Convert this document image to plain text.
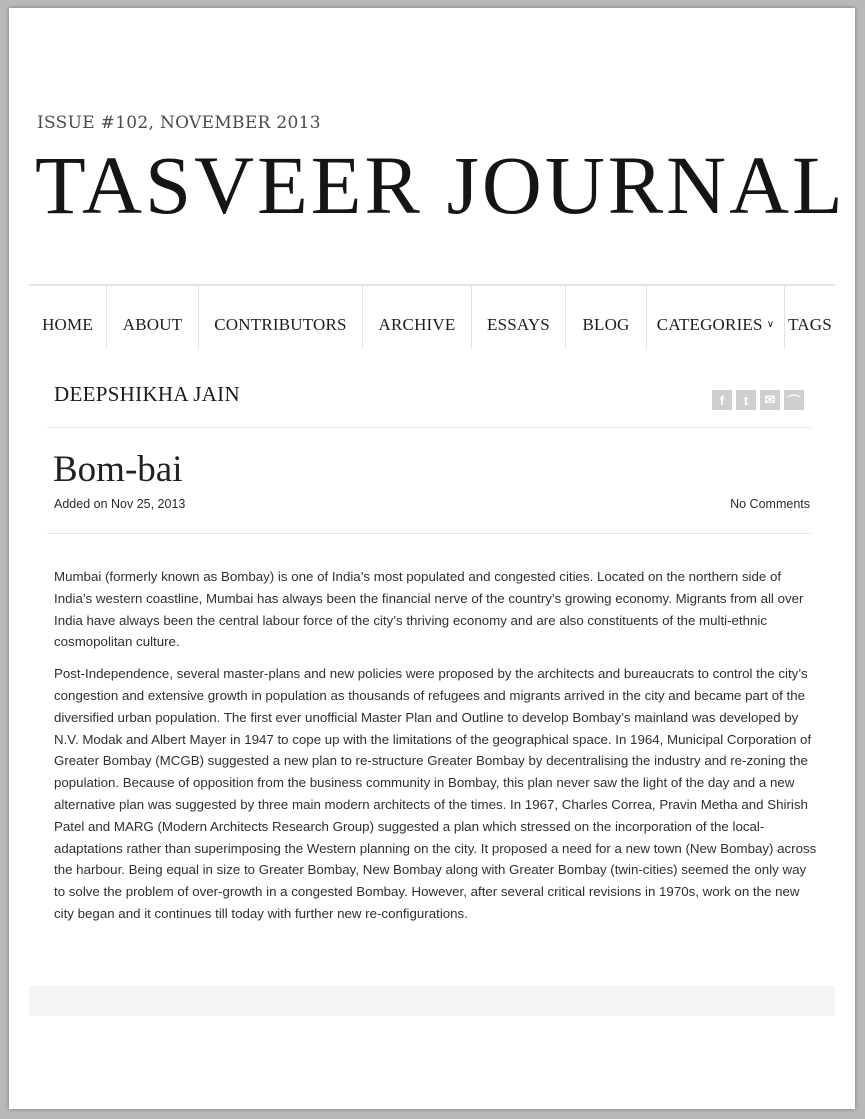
ISSUE #102, NOVEMBER 2013
TASVEER JOURNAL
HOME ABOUT CONTRIBUTORS ARCHIVE ESSAYS BLOG CATEGORIES ∨ TAGS
DEEPSHIKHA JAIN	f	t	✉ ⌒
Bom-bai
Added on Nov 25, 2013	No Comments

Mumbai (formerly known as Bombay) is one of India’s most populated and congested cities. Located on the northern side of India’s western coastline, Mumbai has always been the financial nerve of the country’s growing economy. Migrants from all over India have always been the central labour force of the city’s thriving economy and are also constituents of the multi-ethnic cosmopolitan culture.

Post-Independence, several master-plans and new policies were proposed by the architects and bureaucrats to control the city’s congestion and extensive growth in population as thousands of refugees and migrants arrived in the city and became part of the diversified urban population. The first ever unofficial Master Plan and Outline to develop Bombay’s mainland was developed by N.V. Modak and Albert Mayer in 1947 to cope up with the limitations of the geographical space. In 1964, Municipal Corporation of Greater Bombay (MCGB) suggested a new plan to re-structure Greater Bombay by decentralising the industry and re-zoning the population. Because of opposition from the business community in Bombay, this plan never saw the light of the day and a new alternative plan was suggested by three main modern architects of the times. In 1967, Charles Correa, Pravin Metha and Shirish Patel and MARG (Modern Architects Research Group) suggested a plan which stressed on the incorporation of the local-adaptations rather than superimposing the Western planning on the city. It proposed a need for a new town (New Bombay) across the harbour. Being equal in size to Greater Bombay, New Bombay along with Greater Bombay (twin-cities) seemed the only way to solve the problem of over-growth in a congested Bombay. However, after several critical revisions in 1970s, work on the new city began and it continues till today with further new re-configurations.
